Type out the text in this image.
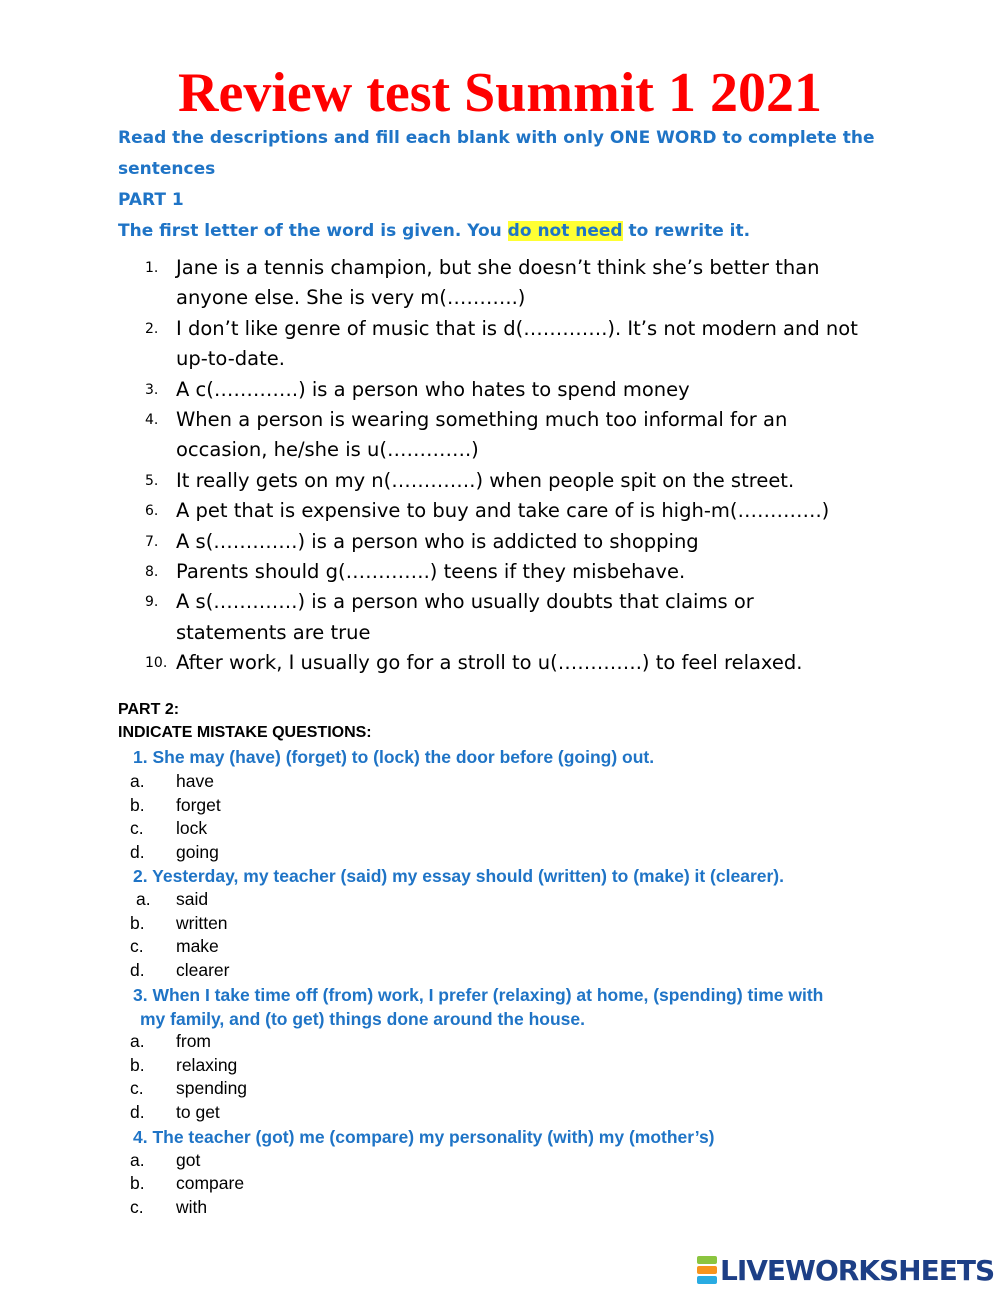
Review test Summit 1 2021
Read the descriptions and fill each blank with only ONE WORD to complete the
sentences
PART 1
The first letter of the word is given. You do not need to rewrite it.
1. Jane is a tennis champion, but she doesn’t think she’s better than
anyone else. She is very m(………..)
2. I don’t like genre of music that is d(………….). It’s not modern and not
up-to-date.
3. A c(………….) is a person who hates to spend money
4. When a person is wearing something much too informal for an
occasion, he/she is u(………….)
5. It really gets on my n(………….) when people spit on the street.
6. A pet that is expensive to buy and take care of is high-m(………….)
7. A s(………….) is a person who is addicted to shopping
8. Parents should g(………….) teens if they misbehave.
9. A s(………….) is a person who usually doubts that claims or
statements are true
10. After work, I usually go for a stroll to u(………….) to feel relaxed.
PART 2:
INDICATE MISTAKE QUESTIONS:
1. She may (have) (forget) to (lock) the door before (going) out.
a. have
b. forget
c. lock
d. going
2. Yesterday, my teacher (said) my essay should (written) to (make) it (clearer).
a. said
b. written
c. make
d. clearer
3. When I take time off (from) work, I prefer (relaxing) at home, (spending) time with
my family, and (to get) things done around the house.
a. from
b. relaxing
c. spending
d. to get
4. The teacher (got) me (compare) my personality (with) my (mother’s)
a. got
b. compare
c. with
LIVEWORKSHEETS
